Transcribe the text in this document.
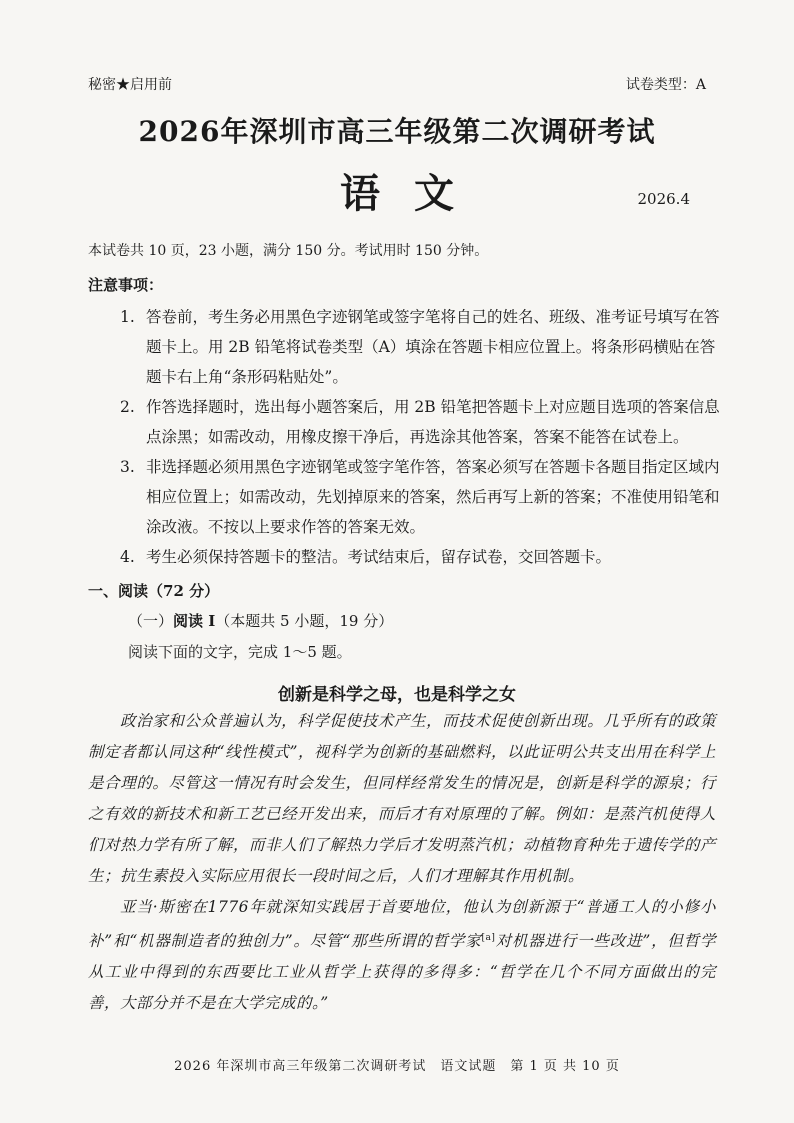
秘密★启用前	试卷类型：A
2026年深圳市高三年级第二次调研考试
语文	2026.4
本试卷共 10 页，23 小题，满分 150 分。考试用时 150 分钟。
注意事项：
1. 答卷前，考生务必用黑色字迹钢笔或签字笔将自己的姓名、班级、准考证号填写在答题卡上。用 2B 铅笔将试卷类型（A）填涂在答题卡相应位置上。将条形码横贴在答题卡右上角“条形码粘贴处”。
2. 作答选择题时，选出每小题答案后，用 2B 铅笔把答题卡上对应题目选项的答案信息点涂黑；如需改动，用橡皮擦干净后，再选涂其他答案，答案不能答在试卷上。
3. 非选择题必须用黑色字迹钢笔或签字笔作答，答案必须写在答题卡各题目指定区域内相应位置上；如需改动，先划掉原来的答案，然后再写上新的答案；不准使用铅笔和涂改液。不按以上要求作答的答案无效。
4. 考生必须保持答题卡的整洁。考试结束后，留存试卷，交回答题卡。
一、阅读（72 分）
（一）阅读 I（本题共 5 小题，19 分）
阅读下面的文字，完成 1～5 题。
创新是科学之母，也是科学之女

政治家和公众普遍认为，科学促使技术产生，而技术促使创新出现。几乎所有的政策制定者都认同这种“线性模式”，视科学为创新的基础燃料，以此证明公共支出用在科学上是合理的。尽管这一情况有时会发生，但同样经常发生的情况是，创新是科学的源泉；行之有效的新技术和新工艺已经开发出来，而后才有对原理的了解。例如：是蒸汽机使得人们对热力学有所了解，而非人们了解热力学后才发明蒸汽机；动植物育种先于遗传学的产生；抗生素投入实际应用很长一段时间之后，人们才理解其作用机制。

亚当·斯密在1776年就深知实践居于首要地位，他认为创新源于“普通工人的小修小补”和“机器制造者的独创力”。尽管“那些所谓的哲学家[a]对机器进行一些改进”，但哲学从工业中得到的东西要比工业从哲学上获得的多得多：“哲学在几个不同方面做出的完善，大部分并不是在大学完成的。”

2026 年深圳市高三年级第二次调研考试　语文试题　第 1 页 共 10 页
